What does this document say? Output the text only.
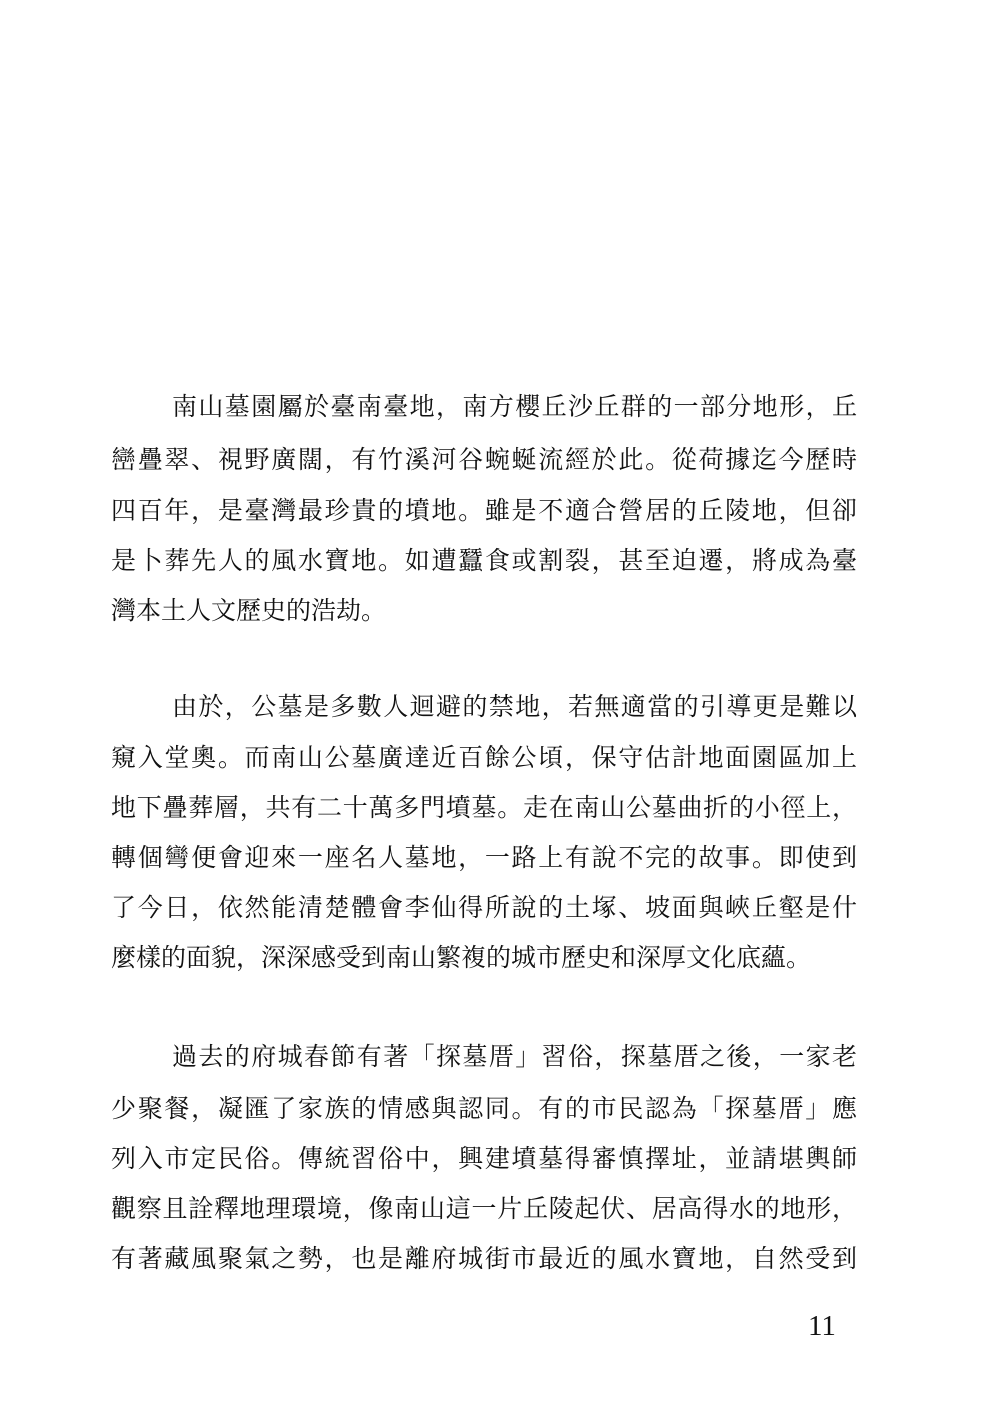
南山墓園屬於臺南臺地，南方櫻丘沙丘群的一部分地形，丘
巒疊翠、視野廣闊，有竹溪河谷蜿蜒流經於此。從荷據迄今歷時
四百年，是臺灣最珍貴的墳地。雖是不適合營居的丘陵地，但卻
是卜葬先人的風水寶地。如遭蠶食或割裂，甚至迫遷，將成為臺
灣本土人文歷史的浩劫。
由於，公墓是多數人迴避的禁地，若無適當的引導更是難以
窺入堂奧。而南山公墓廣達近百餘公頃，保守估計地面園區加上
地下疊葬層，共有二十萬多門墳墓。走在南山公墓曲折的小徑上，
轉個彎便會迎來一座名人墓地，一路上有說不完的故事。即使到
了今日，依然能清楚體會李仙得所說的土塚、坡面與峽丘壑是什
麼樣的面貌，深深感受到南山繁複的城市歷史和深厚文化底蘊。
過去的府城春節有著「探墓厝」習俗，探墓厝之後，一家老
少聚餐，凝匯了家族的情感與認同。有的市民認為「探墓厝」應
列入市定民俗。傳統習俗中，興建墳墓得審慎擇址，並請堪輿師
觀察且詮釋地理環境，像南山這一片丘陵起伏、居高得水的地形，
有著藏風聚氣之勢，也是離府城街市最近的風水寶地，自然受到
11
